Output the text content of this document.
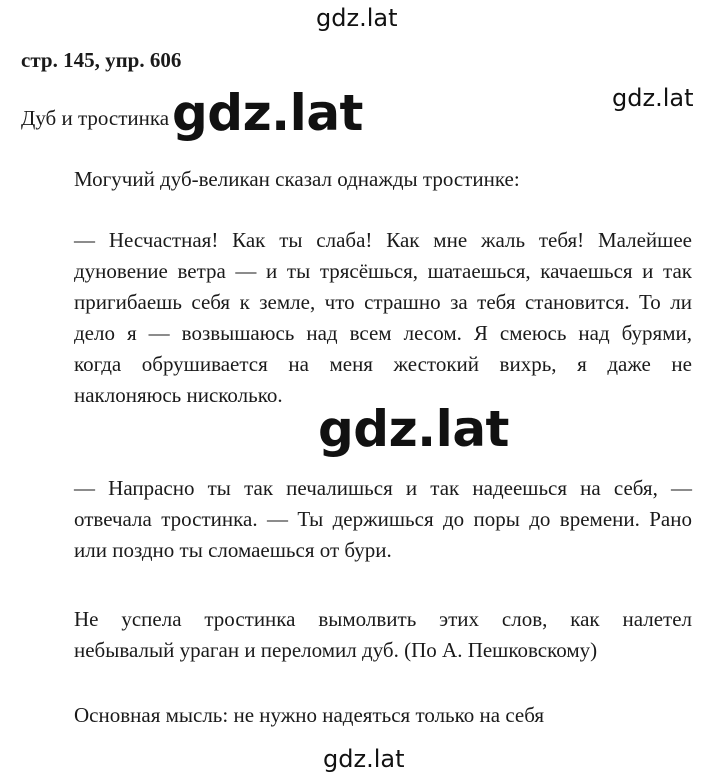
gdz.lat
gdz.lat
gdz.lat
gdz.lat
gdz.lat
стр. 145, упр. 606
Дуб и тростинка
Могучий дуб-великан сказал однажды тростинке:
— Несчастная! Как ты слаба! Как мне жаль тебя! Малейшее
дуновение ветра — и ты трясёшься, шатаешься, качаешься и так
пригибаешь себя к земле, что страшно за тебя становится. То ли
дело я — возвышаюсь над всем лесом. Я смеюсь над бурями,
когда обрушивается на меня жестокий вихрь, я даже не
наклоняюсь нисколько.
— Напрасно ты так печалишься и так надеешься на себя, —
отвечала тростинка. — Ты держишься до поры до времени. Рано
или поздно ты сломаешься от бури.
Не успела тростинка вымолвить этих слов, как налетел
небывалый ураган и переломил дуб. (По А. Пешковскому)
Основная мысль: не нужно надеяться только на себя
